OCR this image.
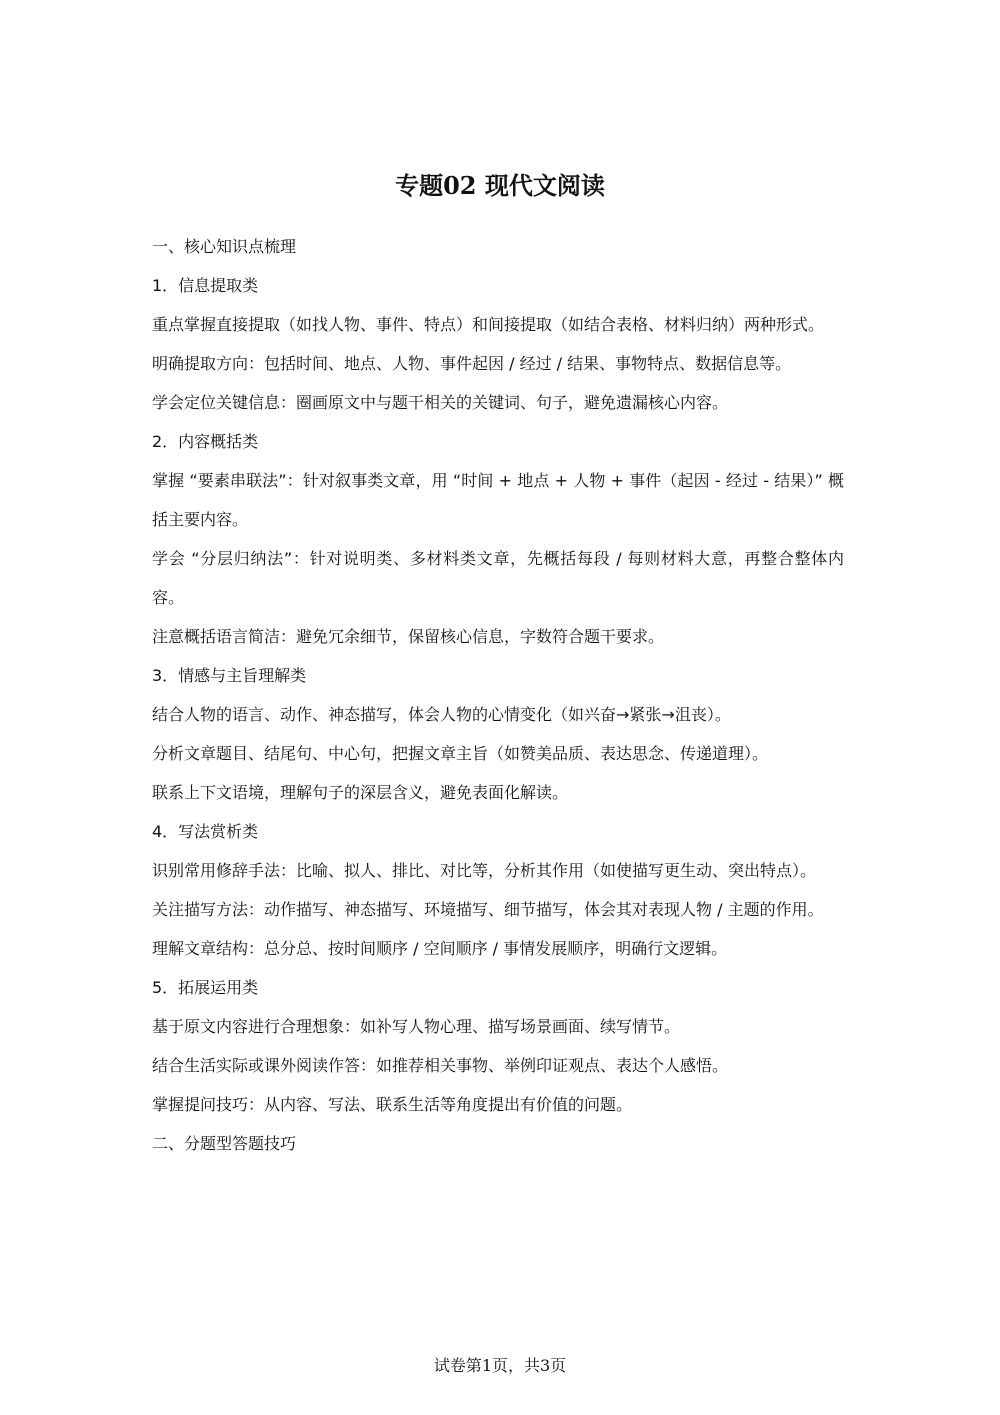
专题02 现代文阅读

一、核心知识点梳理

1．信息提取类

重点掌握直接提取（如找人物、事件、特点）和间接提取（如结合表格、材料归纳）两种形式。

明确提取方向：包括时间、地点、人物、事件起因 / 经过 / 结果、事物特点、数据信息等。

学会定位关键信息：圈画原文中与题干相关的关键词、句子，避免遗漏核心内容。

2．内容概括类

掌握 “要素串联法”：针对叙事类文章，用 “时间 + 地点 + 人物 + 事件（起因 - 经过 - 结果）” 概括主要内容。

学会 “分层归纳法”：针对说明类、多材料类文章，先概括每段 / 每则材料大意，再整合整体内容。

注意概括语言简洁：避免冗余细节，保留核心信息，字数符合题干要求。

3．情感与主旨理解类

结合人物的语言、动作、神态描写，体会人物的心情变化（如兴奋→紧张→沮丧）。

分析文章题目、结尾句、中心句，把握文章主旨（如赞美品质、表达思念、传递道理）。

联系上下文语境，理解句子的深层含义，避免表面化解读。

4．写法赏析类

识别常用修辞手法：比喻、拟人、排比、对比等，分析其作用（如使描写更生动、突出特点）。

关注描写方法：动作描写、神态描写、环境描写、细节描写，体会其对表现人物 / 主题的作用。

理解文章结构：总分总、按时间顺序 / 空间顺序 / 事情发展顺序，明确行文逻辑。

5．拓展运用类

基于原文内容进行合理想象：如补写人物心理、描写场景画面、续写情节。

结合生活实际或课外阅读作答：如推荐相关事物、举例印证观点、表达个人感悟。

掌握提问技巧：从内容、写法、联系生活等角度提出有价值的问题。

二、分题型答题技巧

试卷第1页，共3页
